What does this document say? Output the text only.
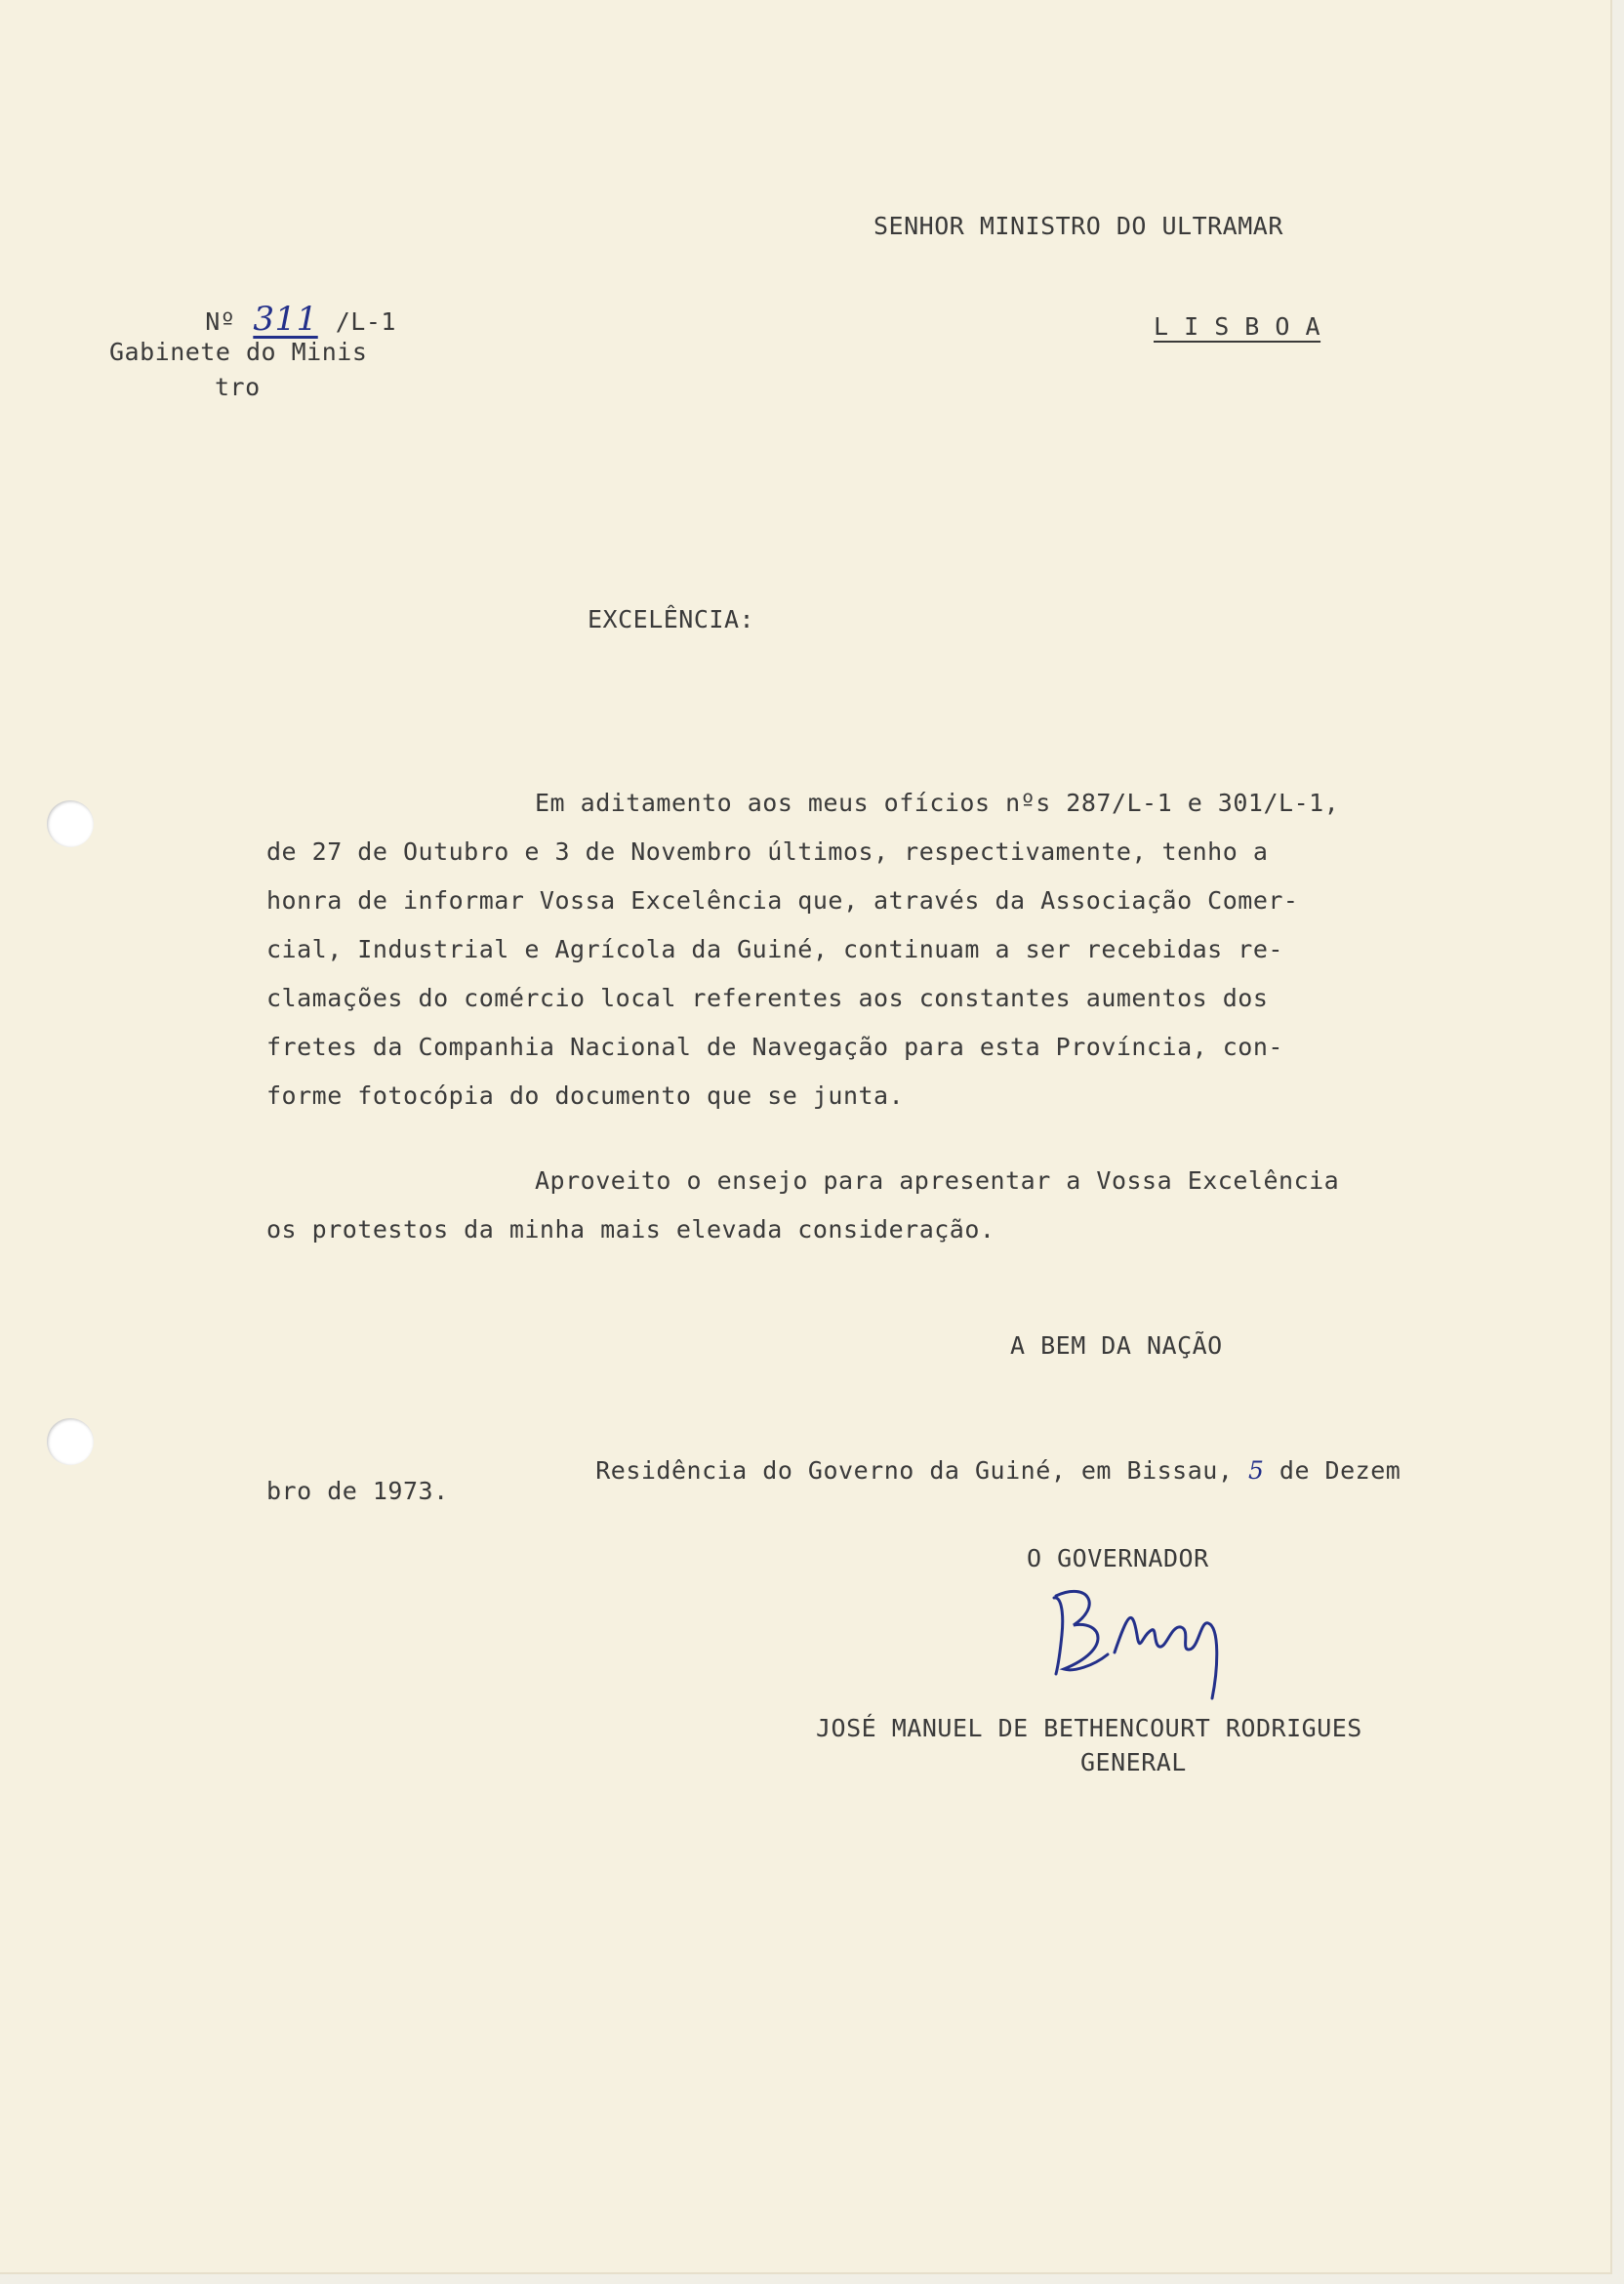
Nº 311 /L-1

Gabinete do Minis
tro
SENHOR MINISTRO DO ULTRAMAR
L I S B O A
EXCELÊNCIA:
Em aditamento aos meus ofícios nºs 287/L-1 e 301/L-1,
de 27 de Outubro e 3 de Novembro últimos, respectivamente, tenho a
honra de informar Vossa Excelência que, através da Associação Comer-
cial, Industrial e Agrícola da Guiné, continuam a ser recebidas re-
clamações do comércio local referentes aos constantes aumentos dos
fretes da Companhia Nacional de Navegação para esta Província, con-
forme fotocópia do documento que se junta.
Aproveito o ensejo para apresentar a Vossa Excelência
os protestos da minha mais elevada consideração.
A BEM DA NAÇÃO

Residência do Governo da Guiné, em Bissau, 5 de Dezem

bro de 1973.
O GOVERNADOR
JOSÉ MANUEL DE BETHENCOURT RODRIGUES
GENERAL
